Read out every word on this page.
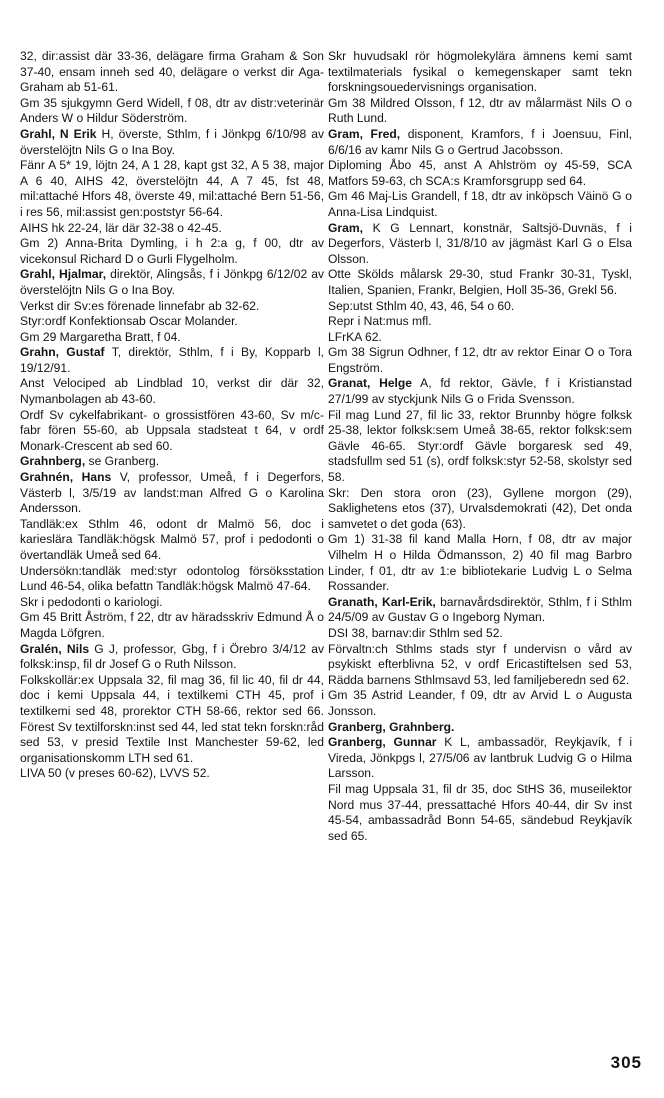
32, dir:assist där 33-36, delägare firma Graham & Son 37-40, ensam inneh sed 40, delägare o verkst dir Aga-Graham ab 51-61.

Gm 35 sjukgymn Gerd Widell, f 08, dtr av distr:veterinär Anders W o Hildur Söderström.

Grahl, N Erik H, överste, Sthlm, f i Jönkpg 6/10/98 av överstelöjtn Nils G o Ina Boy.

Fänr A 5* 19, löjtn 24, A 1 28, kapt gst 32, A 5 38, major A 6 40, AIHS 42, överstelöjtn 44, A 7 45, fst 48, mil:attaché Hfors 48, överste 49, mil:attaché Bern 51-56, i res 56, mil:assist gen:poststyr 56-64.

AIHS hk 22-24, lär där 32-38 o 42-45.

Gm 2) Anna-Brita Dymling, i h 2:a g, f 00, dtr av vicekonsul Richard D o Gurli Flygelholm.

Grahl, Hjalmar, direktör, Alingsås, f i Jönkpg 6/12/02 av överstelöjtn Nils G o Ina Boy.

Verkst dir Sv:es förenade linnefabr ab 32-62.

Styr:ordf Konfektionsab Oscar Molander.

Gm 29 Margaretha Bratt, f 04.

Grahn, Gustaf T, direktör, Sthlm, f i By, Kopparb l, 19/12/91.

Anst Velociped ab Lindblad 10, verkst dir där 32, Nymanbolagen ab 43-60.

Ordf Sv cykelfabrikant- o grossistfören 43-60, Sv m/c-fabr fören 55-60, ab Uppsala stadsteat t 64, v ordf Monark-Crescent ab sed 60.

Grahnberg, se Granberg.

Grahnén, Hans V, professor, Umeå, f i Degerfors, Västerb l, 3/5/19 av landst:man Alfred G o Karolina Andersson.

Tandläk:ex Sthlm 46, odont dr Malmö 56, doc i karieslära Tandläk:högsk Malmö 57, prof i pedodonti o övertandläk Umeå sed 64.

Undersökn:tandläk med:styr odontolog försöksstation Lund 46-54, olika befattn Tandläk:högsk Malmö 47-64.

Skr i pedodonti o kariologi.

Gm 45 Britt Åström, f 22, dtr av häradsskriv Edmund Å o Magda Löfgren.

Gralén, Nils G J, professor, Gbg, f i Örebro 3/4/12 av folksk:insp, fil dr Josef G o Ruth Nilsson.

Folkskollär:ex Uppsala 32, fil mag 36, fil lic 40, fil dr 44, doc i kemi Uppsala 44, i textilkemi CTH 45, prof i textilkemi sed 48, prorektor CTH 58-66, rektor sed 66. Förest Sv textilforskn:inst sed 44, led stat tekn forskn:råd sed 53, v presid Textile Inst Manchester 59-62, led organisationskomm LTH sed 61.

LIVA 50 (v preses 60-62), LVVS 52.

Skr huvudsakl rör högmolekylära ämnens kemi samt textilmaterials fysikal o kemegenskaper samt tekn forskningsouedervisnings organisation.

Gm 38 Mildred Olsson, f 12, dtr av målarmäst Nils O o Ruth Lund.

Gram, Fred, disponent, Kramfors, f i Joensuu, Finl, 6/6/16 av kamr Nils G o Gertrud Jacobsson.

Diploming Åbo 45, anst A Ahlström oy 45-59, SCA Matfors 59-63, ch SCA:s Kramforsgrupp sed 64.

Gm 46 Maj-Lis Grandell, f 18, dtr av inköpsch Väinö G o Anna-Lisa Lindquist.

Gram, K G Lennart, konstnär, Saltsjö-Duvnäs, f i Degerfors, Västerb l, 31/8/10 av jägmäst Karl G o Elsa Olsson.

Otte Skölds målarsk 29-30, stud Frankr 30-31, Tyskl, Italien, Spanien, Frankr, Belgien, Holl 35-36, Grekl 56.

Sep:utst Sthlm 40, 43, 46, 54 o 60.

Repr i Nat:mus mfl.

LFrKA 62.

Gm 38 Sigrun Odhner, f 12, dtr av rektor Einar O o Tora Engström.

Granat, Helge A, fd rektor, Gävle, f i Kristianstad 27/1/99 av styckjunk Nils G o Frida Svensson.

Fil mag Lund 27, fil lic 33, rektor Brunnby högre folksk 25-38, lektor folksk:sem Umeå 38-65, rektor folksk:sem Gävle 46-65. Styr:ordf Gävle borgaresk sed 49, stadsfullm sed 51 (s), ordf folksk:styr 52-58, skolstyr sed 58.

Skr: Den stora oron (23), Gyllene morgon (29), Saklighetens etos (37), Urvalsdemokrati (42), Det onda samvetet o det goda (63).

Gm 1) 31-38 fil kand Malla Horn, f 08, dtr av major Vilhelm H o Hilda Ödmansson, 2) 40 fil mag Barbro Linder, f 01, dtr av 1:e bibliotekarie Ludvig L o Selma Rossander.

Granath, Karl-Erik, barnavårdsdirektör, Sthlm, f i Sthlm 24/5/09 av Gustav G o Ingeborg Nyman.

DSI 38, barnav:dir Sthlm sed 52.

Förvaltn:ch Sthlms stads styr f undervisn o vård av psykiskt efterblivna 52, v ordf Ericastiftelsen sed 53, Rädda barnens Sthlmsavd 53, led familjeberedn sed 62.

Gm 35 Astrid Leander, f 09, dtr av Arvid L o Augusta Jonsson.

Granberg, Grahnberg.

Granberg, Gunnar K L, ambassadör, Reykjavík, f i Vireda, Jönkpgs l, 27/5/06 av lantbruk Ludvig G o Hilma Larsson.

Fil mag Uppsala 31, fil dr 35, doc StHS 36, museilektor Nord mus 37-44, pressattaché Hfors 40-44, dir Sv inst 45-54, ambassadråd Bonn 54-65, sändebud Reykjavík sed 65.

305
